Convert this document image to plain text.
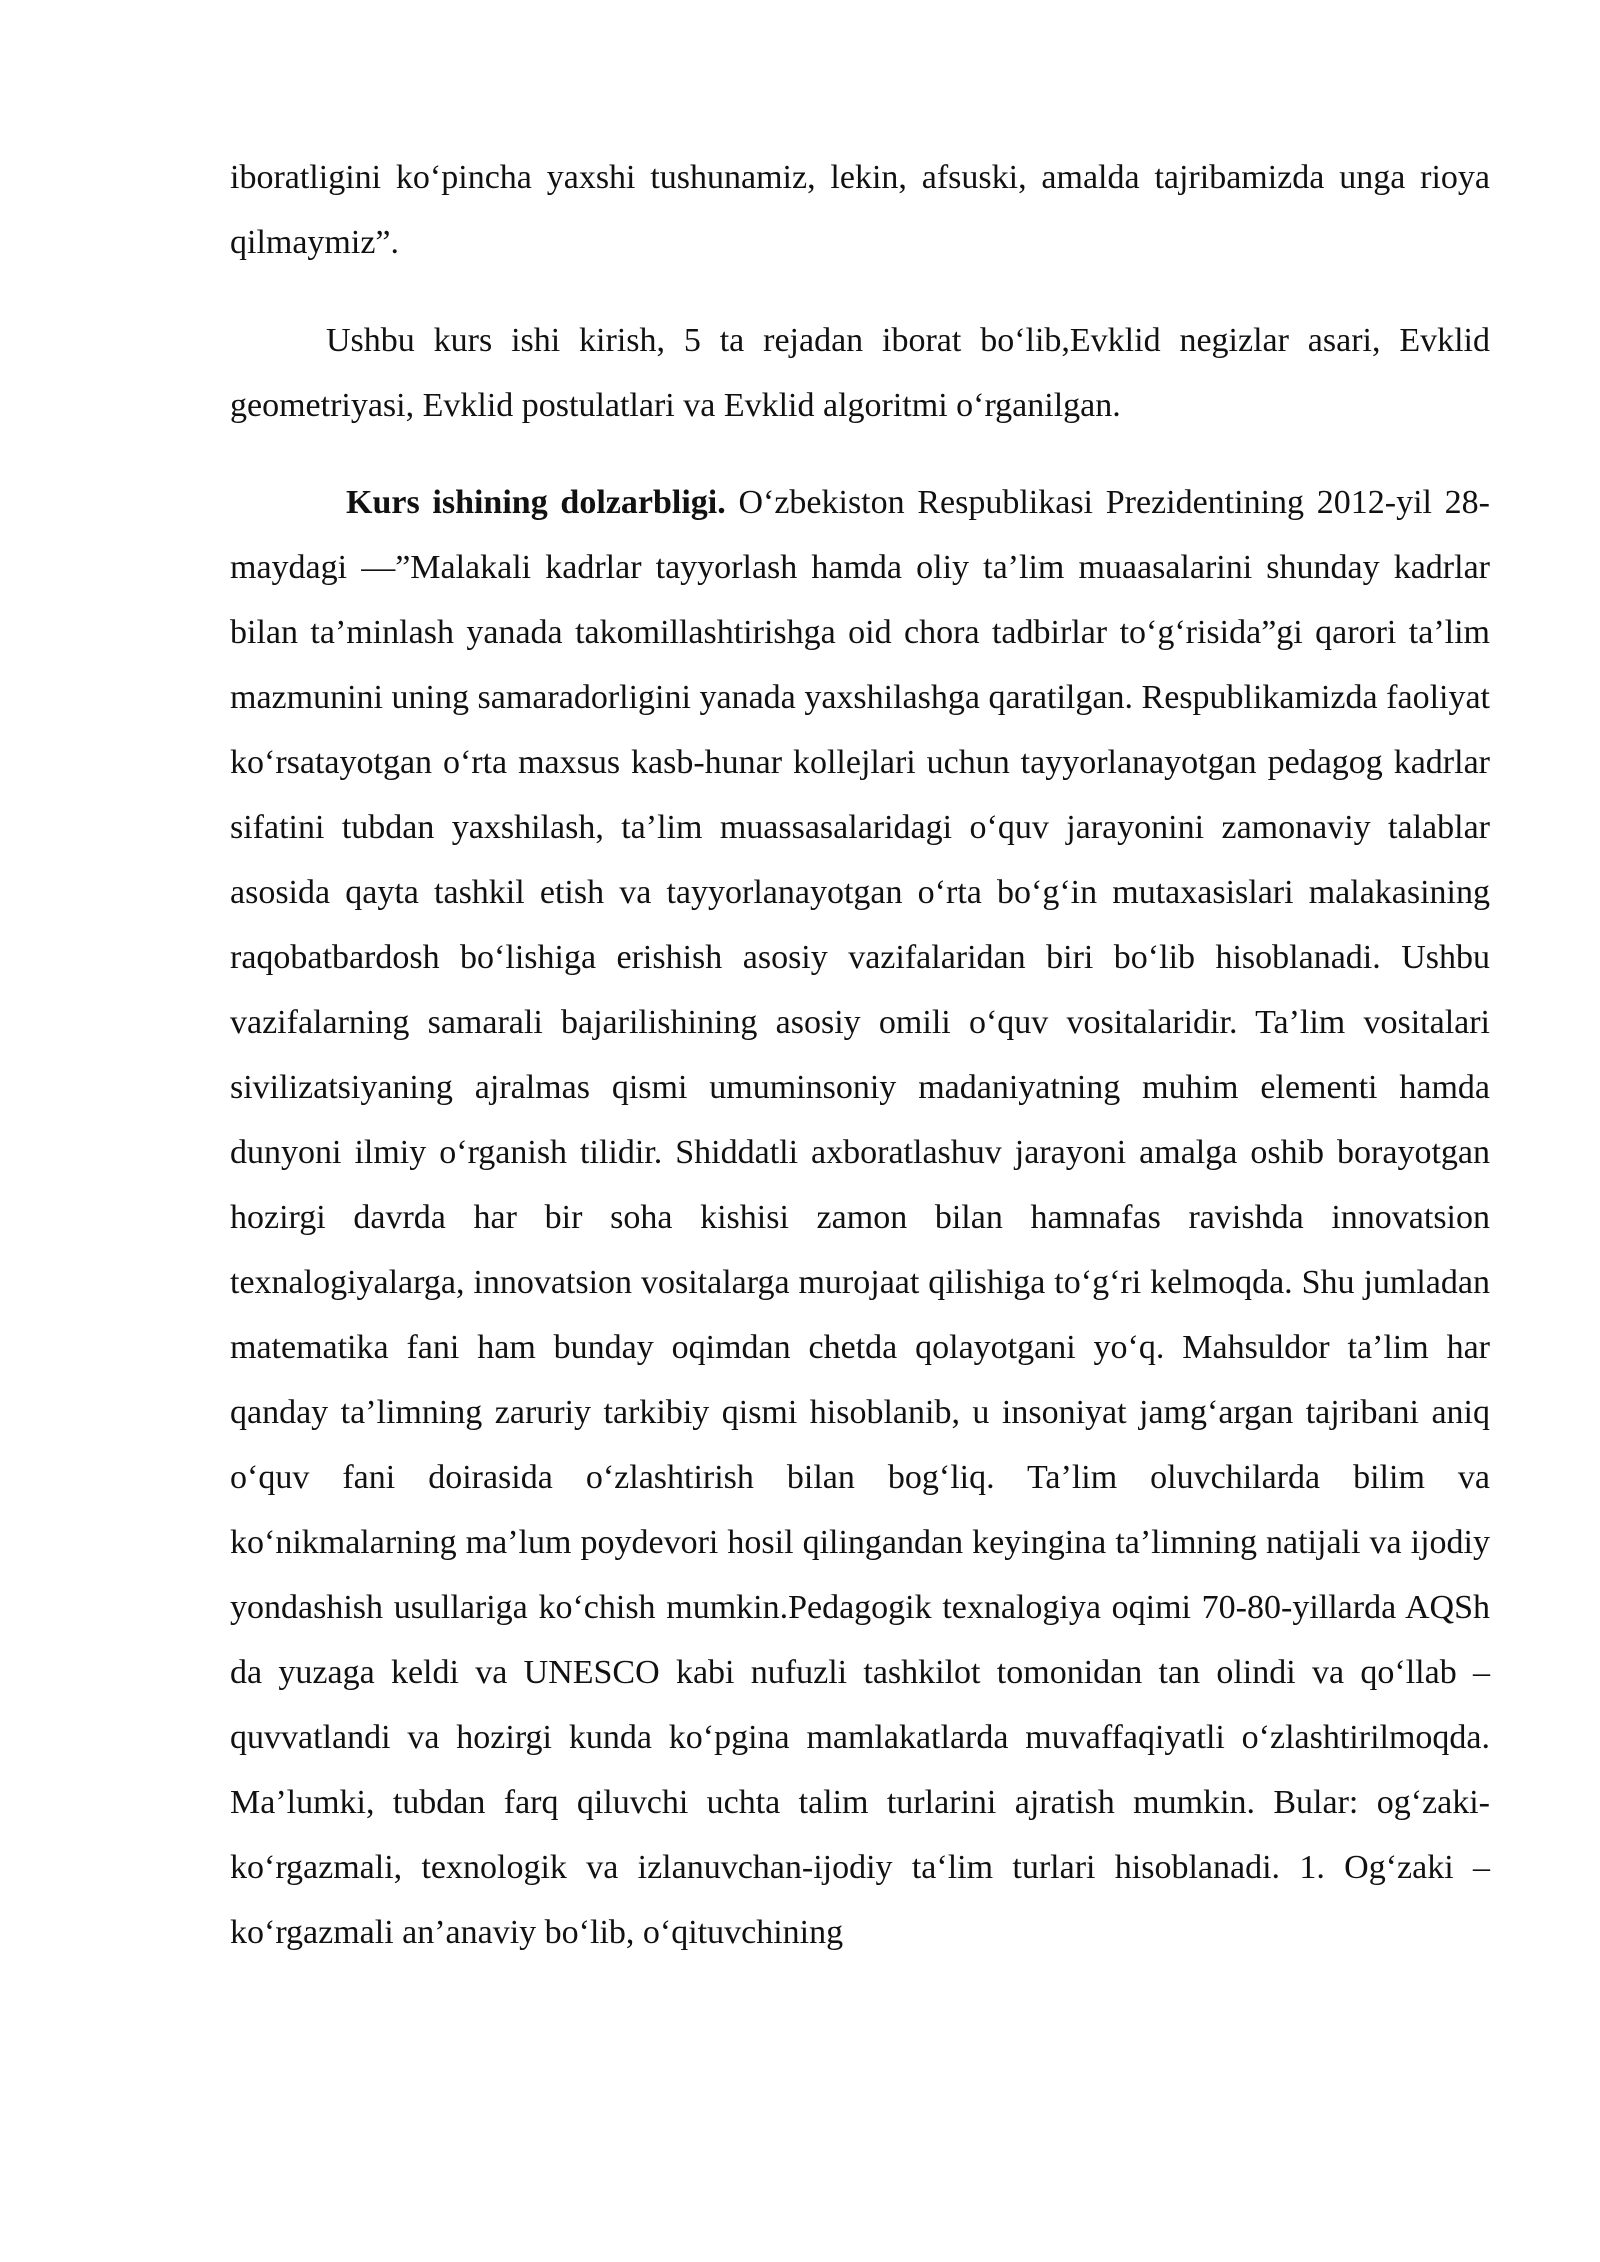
iboratligini ko‘pincha yaxshi tushunamiz, lekin, afsuski, amalda tajribamizda unga rioya qilmaymiz”.

Ushbu kurs ishi kirish, 5 ta rejadan iborat bo‘lib,Evklid negizlar asari, Evklid geometriyasi, Evklid postulatlari va Evklid algoritmi o‘rganilgan.

Kurs ishining dolzarbligi. O‘zbekiston Respublikasi Prezidentining 2012-yil 28-maydagi ―”Malakali kadrlar tayyorlash hamda oliy ta’lim muaasalarini shunday kadrlar bilan ta’minlash yanada takomillashtirishga oid chora tadbirlar to‘g‘risida”gi qarori ta’lim mazmunini uning samaradorligini yanada yaxshilashga qaratilgan. Respublikamizda faoliyat ko‘rsatayotgan o‘rta maxsus kasb-hunar kollejlari uchun tayyorlanayotgan pedagog kadrlar sifatini tubdan yaxshilash, ta’lim muassasalaridagi o‘quv jarayonini zamonaviy talablar asosida qayta tashkil etish va tayyorlanayotgan o‘rta bo‘g‘in mutaxasislari malakasining raqobatbardosh bo‘lishiga erishish asosiy vazifalaridan biri bo‘lib hisoblanadi. Ushbu vazifalarning samarali bajarilishining asosiy omili o‘quv vositalaridir. Ta’lim vositalari sivilizatsiyaning ajralmas qismi umuminsoniy madaniyatning muhim elementi hamda dunyoni ilmiy o‘rganish tilidir. Shiddatli axboratlashuv jarayoni amalga oshib borayotgan hozirgi davrda har bir soha kishisi zamon bilan hamnafas ravishda innovatsion texnalogiyalarga, innovatsion vositalarga murojaat qilishiga to‘g‘ri kelmoqda. Shu jumladan matematika fani ham bunday oqimdan chetda qolayotgani yo‘q. Mahsuldor ta’lim har qanday ta’limning zaruriy tarkibiy qismi hisoblanib, u insoniyat jamg‘argan tajribani aniq o‘quv fani doirasida o‘zlashtirish bilan bog‘liq. Ta’lim oluvchilarda bilim va ko‘nikmalarning ma’lum poydevori hosil qilingandan keyingina ta’limning natijali va ijodiy yondashish usullariga ko‘chish mumkin.Pedagogik texnalogiya oqimi 70-80-yillarda AQSh da yuzaga keldi va UNESCO kabi nufuzli tashkilot tomonidan tan olindi va qo‘llab – quvvatlandi va hozirgi kunda ko‘pgina mamlakatlarda muvaffaqiyatli o‘zlashtirilmoqda. Ma’lumki, tubdan farq qiluvchi uchta talim turlarini ajratish mumkin. Bular: og‘zaki- ko‘rgazmali, texnologik va izlanuvchan-ijodiy ta‘lim turlari hisoblanadi. 1. Og‘zaki – ko‘rgazmali an’anaviy bo‘lib, o‘qituvchining
